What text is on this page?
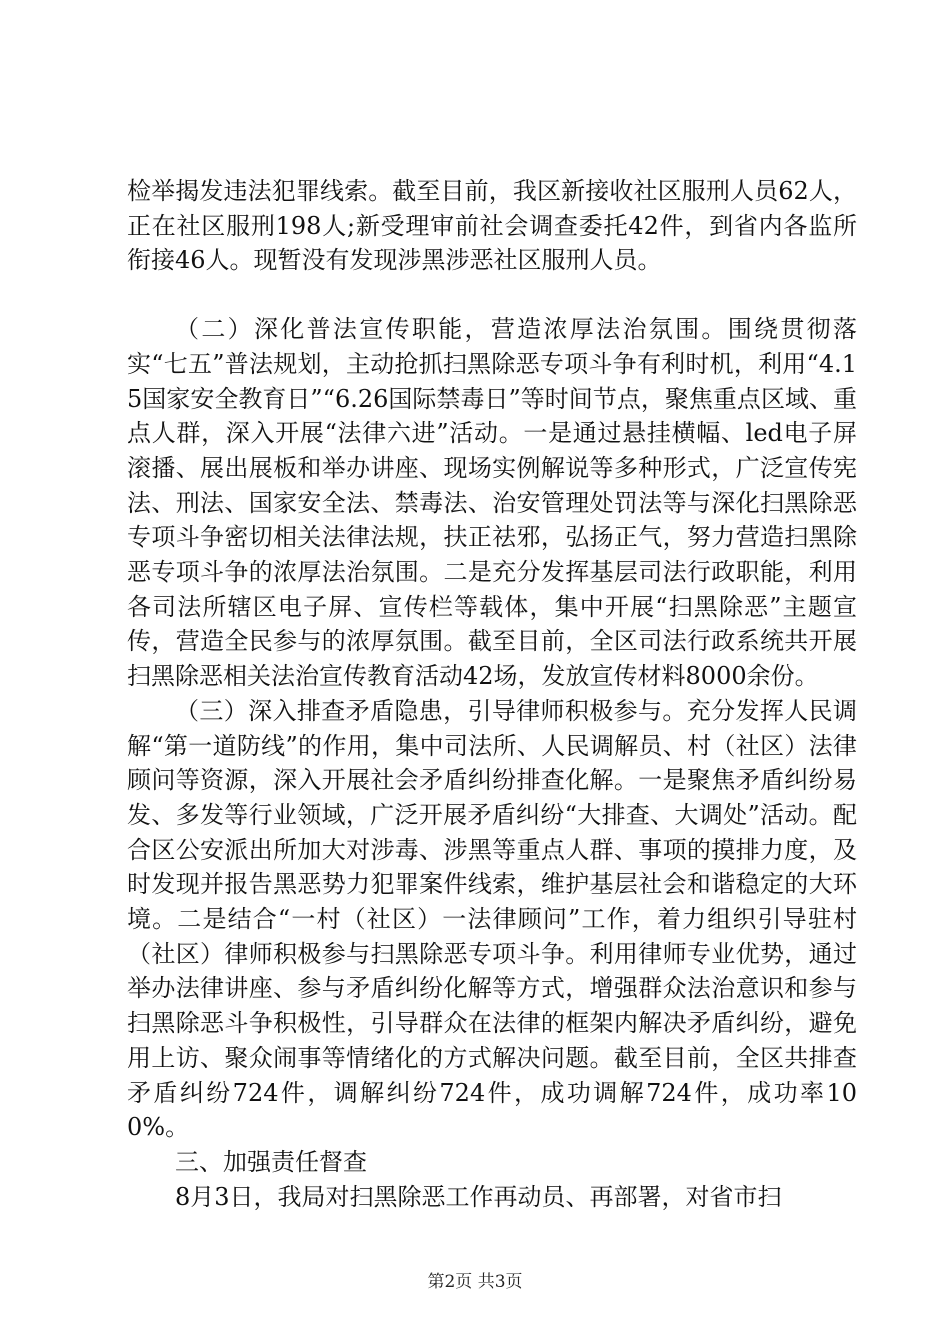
检举揭发违法犯罪线索。截至目前，我区新接收社区服刑人员62人，正在社区服刑198人;新受理审前社会调查委托42件，到省内各监所衔接46人。现暂没有发现涉黑涉恶社区服刑人员。

（二）深化普法宣传职能，营造浓厚法治氛围。围绕贯彻落实“七五”普法规划，主动抢抓扫黑除恶专项斗争有利时机，利用“4.15国家安全教育日”“6.26国际禁毒日”等时间节点，聚焦重点区域、重点人群，深入开展“法律六进”活动。一是通过悬挂横幅、led电子屏滚播、展出展板和举办讲座、现场实例解说等多种形式，广泛宣传宪法、刑法、国家安全法、禁毒法、治安管理处罚法等与深化扫黑除恶专项斗争密切相关法律法规，扶正祛邪，弘扬正气，努力营造扫黑除恶专项斗争的浓厚法治氛围。二是充分发挥基层司法行政职能，利用各司法所辖区电子屏、宣传栏等载体，集中开展“扫黑除恶”主题宣传，营造全民参与的浓厚氛围。截至目前，全区司法行政系统共开展扫黑除恶相关法治宣传教育活动42场，发放宣传材料8000余份。

（三）深入排查矛盾隐患，引导律师积极参与。充分发挥人民调解“第一道防线”的作用，集中司法所、人民调解员、村（社区）法律顾问等资源，深入开展社会矛盾纠纷排查化解。一是聚焦矛盾纠纷易发、多发等行业领域，广泛开展矛盾纠纷“大排查、大调处”活动。配合区公安派出所加大对涉毒、涉黑等重点人群、事项的摸排力度，及时发现并报告黑恶势力犯罪案件线索，维护基层社会和谐稳定的大环境。二是结合“一村（社区）一法律顾问”工作，着力组织引导驻村（社区）律师积极参与扫黑除恶专项斗争。利用律师专业优势，通过举办法律讲座、参与矛盾纠纷化解等方式，增强群众法治意识和参与扫黑除恶斗争积极性，引导群众在法律的框架内解决矛盾纠纷，避免用上访、聚众闹事等情绪化的方式解决问题。截至目前，全区共排查矛盾纠纷724件，调解纠纷724件，成功调解724件，成功率100%。

三、加强责任督查

8月3日，我局对扫黑除恶工作再动员、再部署，对省市扫

第2页 共3页
